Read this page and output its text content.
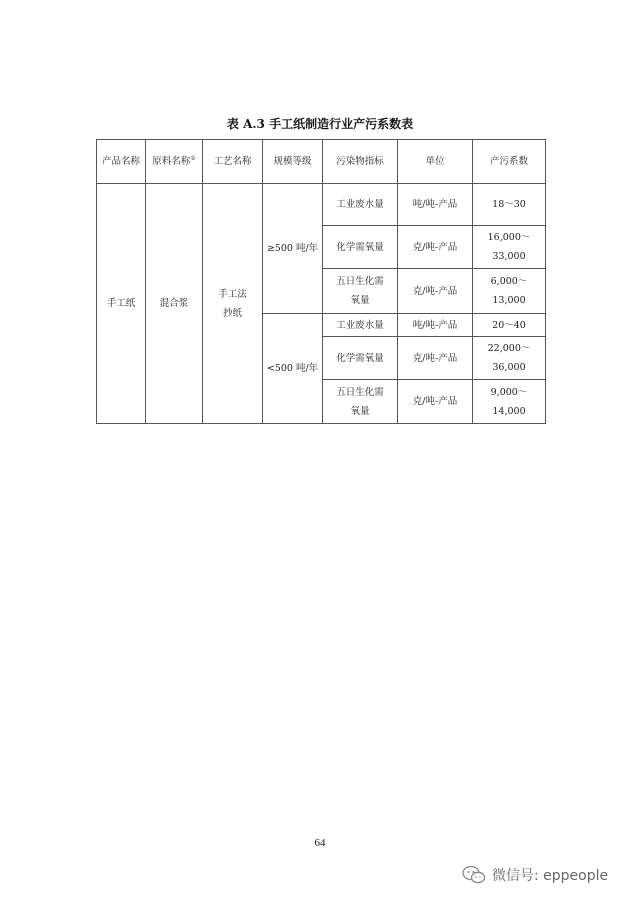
表 A.3 手工纸制造行业产污系数表
产品名称	原料名称①	工艺名称	规模等级	污染物指标	单位	产污系数
手工纸	混合浆	手工法抄纸	≥500 吨/年	工业废水量	吨/吨-产品	18～30
				化学需氧量	克/吨-产品	16,000～33,000
				五日生化需氧量	克/吨-产品	6,000～13,000
			<500 吨/年	工业废水量	吨/吨-产品	20～40
				化学需氧量	克/吨-产品	22,000～36,000
				五日生化需氧量	克/吨-产品	9,000～14,000
64
微信号: eppeople
